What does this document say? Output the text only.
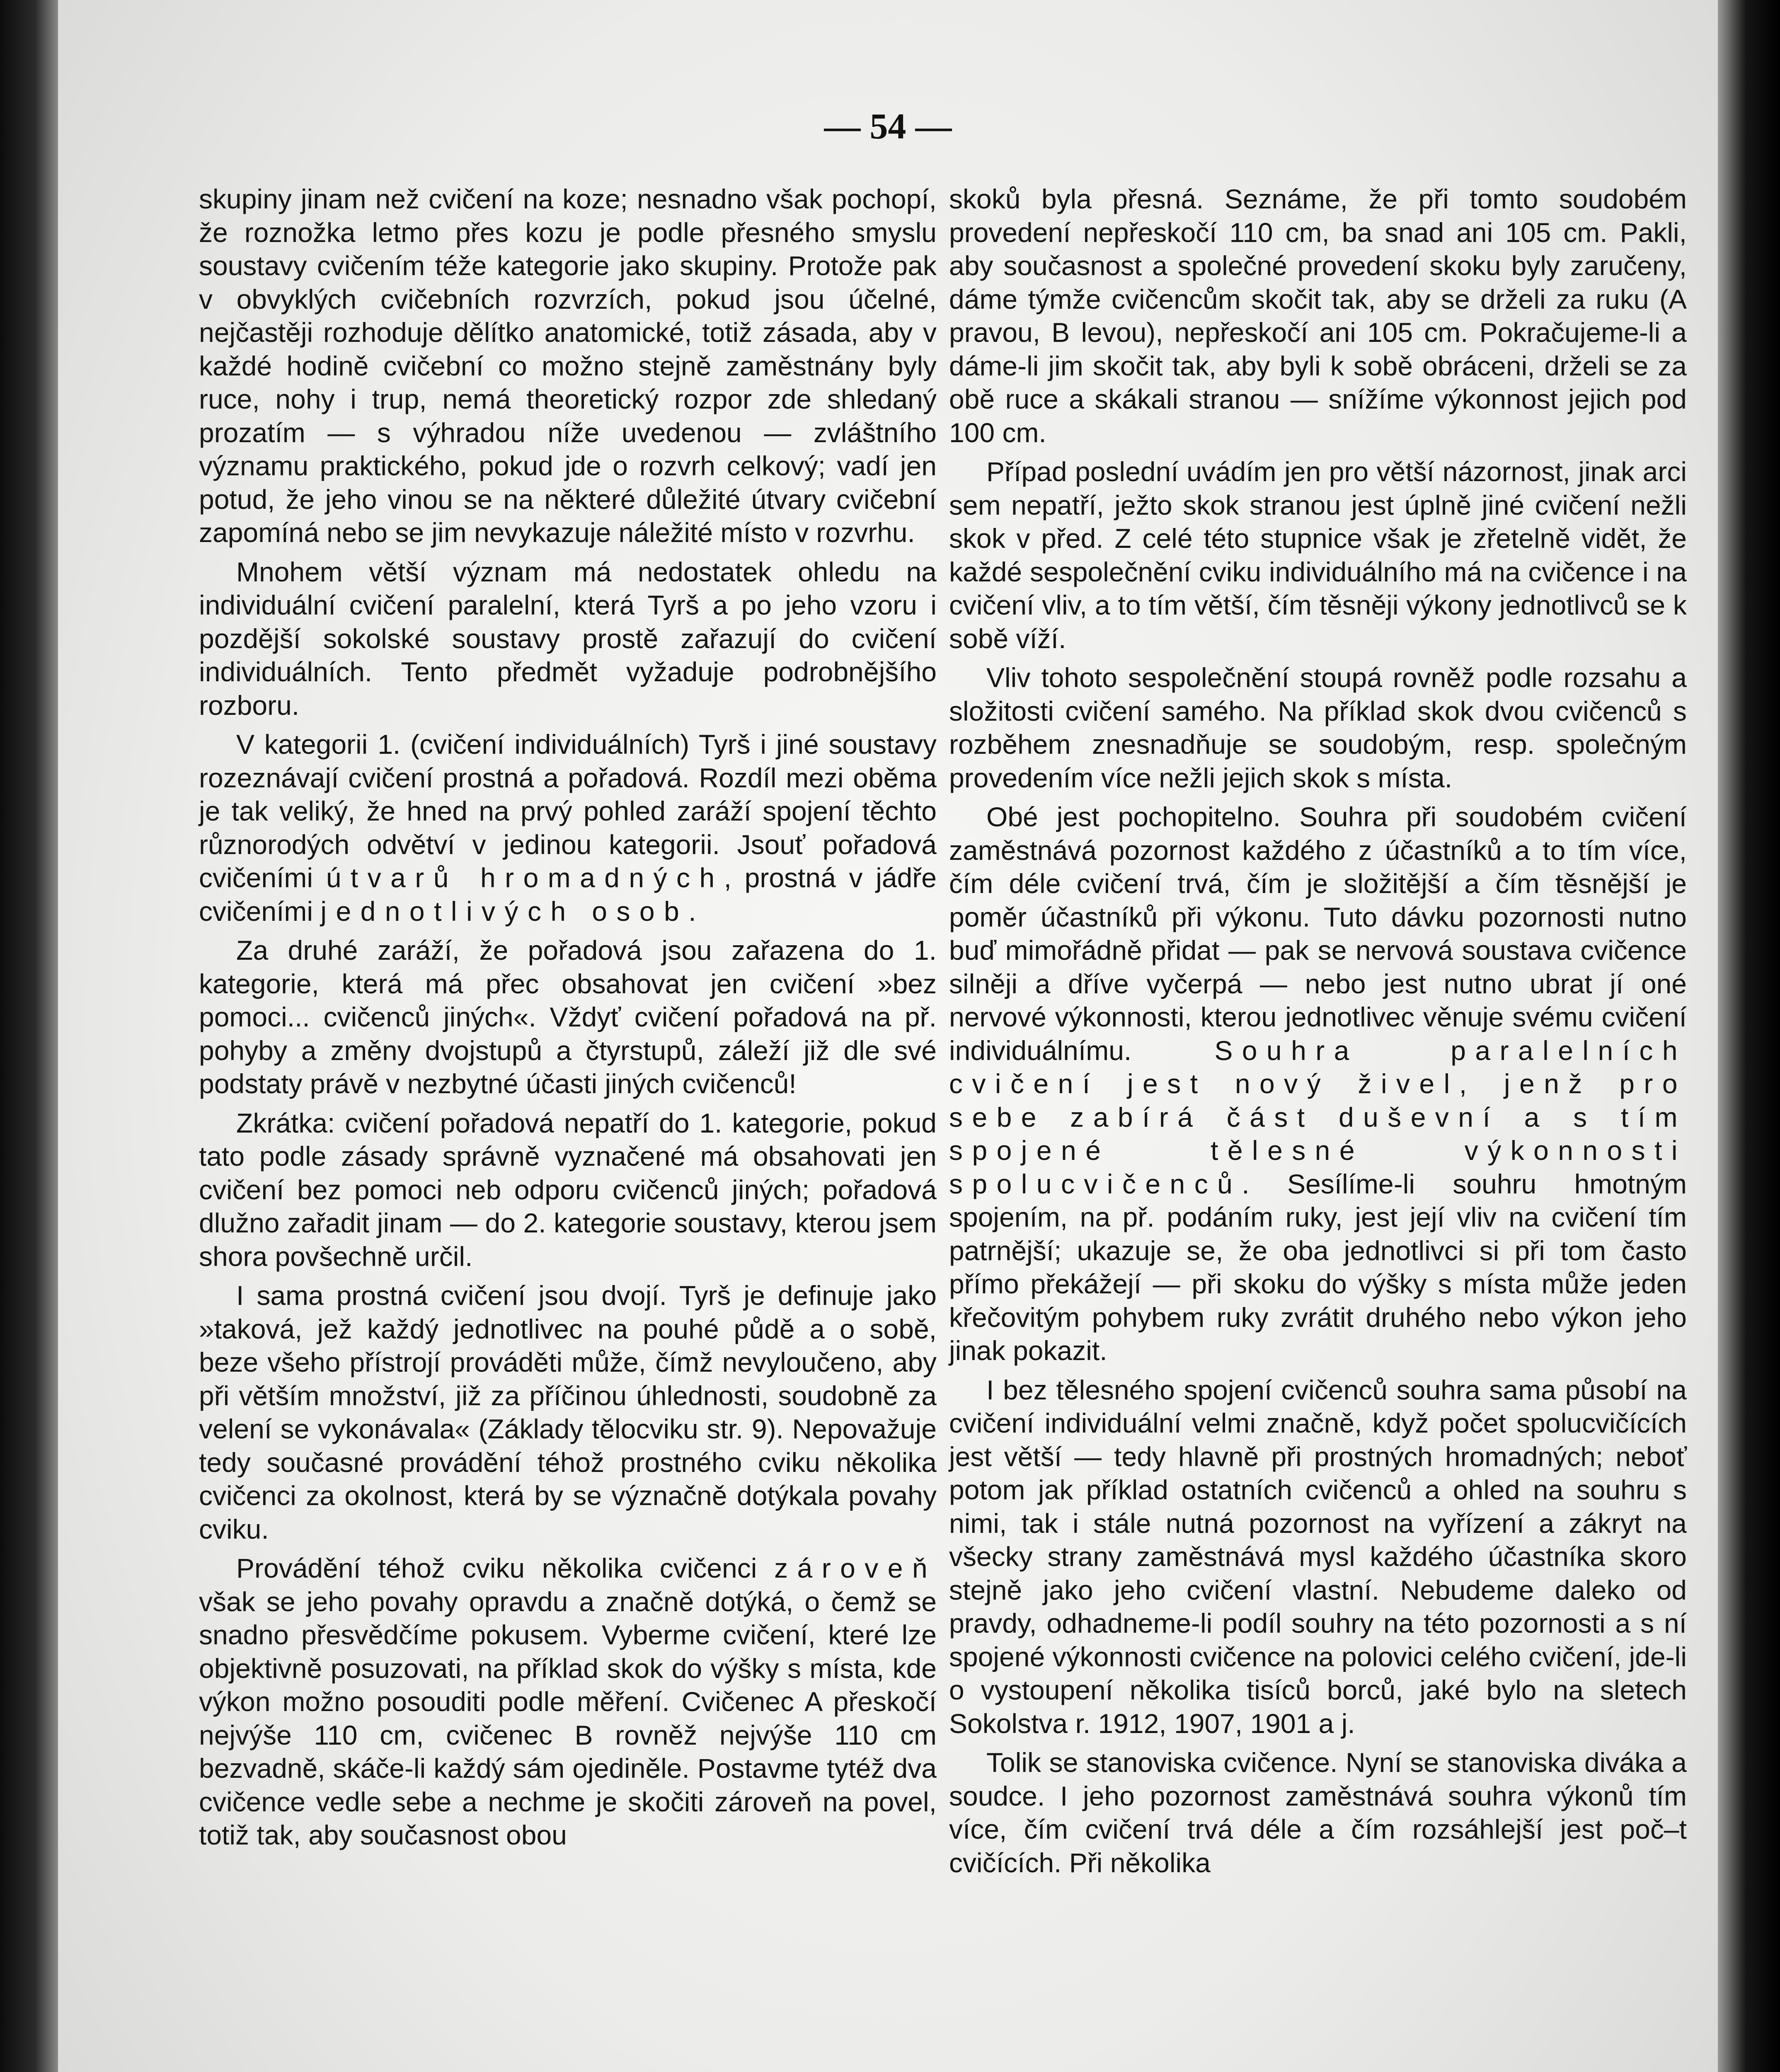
— 54 —

skupiny jinam než cvičení na koze; nesnadno však pochopí, že roznožka letmo přes kozu je podle přesného smyslu soustavy cvičením téže kategorie jako skupiny. Protože pak v obvyklých cvičebních rozvrzích, pokud jsou účelné, nejčastěji rozhoduje dělítko anatomické, totiž zásada, aby v každé hodině cvičební co možno stejně zaměstnány byly ruce, nohy i trup, nemá theoretický rozpor zde shledaný prozatím — s výhradou níže uvedenou — zvláštního významu praktického, pokud jde o rozvrh celkový; vadí jen potud, že jeho vinou se na některé důležité útvary cvičební zapomíná nebo se jim nevykazuje náležité místo v rozvrhu.

Mnohem větší význam má nedostatek ohledu na individuální cvičení paralelní, která Tyrš a po jeho vzoru i pozdější sokolské soustavy prostě zařazují do cvičení individuálních. Tento předmět vyžaduje podrobnějšího rozboru.

V kategorii 1. (cvičení individuálních) Tyrš i jiné soustavy rozeznávají cvičení prostná a pořadová. Rozdíl mezi oběma je tak veliký, že hned na prvý pohled zaráží spojení těchto různorodých odvětví v jedinou kategorii. Jsouť pořadová cvičeními útvarů hromadných, prostná v jádře cvičeními jednotlivých osob.

Za druhé zaráží, že pořadová jsou zařazena do 1. kategorie, která má přec obsahovat jen cvičení »bez pomoci... cvičenců jiných«. Vždyť cvičení pořadová na př. pohyby a změny dvojstupů a čtyrstupů, záleží již dle své podstaty právě v nezbytné účasti jiných cvičenců!

Zkrátka: cvičení pořadová nepatří do 1. kategorie, pokud tato podle zásady správně vyznačené má obsahovati jen cvičení bez pomoci neb odporu cvičenců jiných; pořadová dlužno zařadit jinam — do 2. kategorie soustavy, kterou jsem shora povšechně určil.

I sama prostná cvičení jsou dvojí. Tyrš je definuje jako »taková, jež každý jednotlivec na pouhé půdě a o sobě, beze všeho přístrojí prováděti může, čímž nevyloučeno, aby při větším množství, již za příčinou úhlednosti, soudobně za velení se vykonávala« (Základy tělocviku str. 9). Nepovažuje tedy současné provádění téhož prostného cviku několika cvičenci za okolnost, která by se význačně dotýkala povahy cviku.

Provádění téhož cviku několika cvičenci zároveň však se jeho povahy opravdu a značně dotýká, o čemž se snadno přesvědčíme pokusem. Vyberme cvičení, které lze objektivně posuzovati, na příklad skok do výšky s místa, kde výkon možno posouditi podle měření. Cvičenec A přeskočí nejvýše 110 cm, cvičenec B rovněž nejvýše 110 cm bezvadně, skáče-li každý sám ojediněle. Postavme tytéž dva cvičence vedle sebe a nechme je skočiti zároveň na povel, totiž tak, aby současnost obou

skoků byla přesná. Seznáme, že při tomto soudobém provedení nepřeskočí 110 cm, ba snad ani 105 cm. Pakli, aby současnost a společné provedení skoku byly zaručeny, dáme týmže cvičencům skočit tak, aby se drželi za ruku (A pravou, B levou), nepřeskočí ani 105 cm. Pokračujeme-li a dáme-li jim skočit tak, aby byli k sobě obráceni, drželi se za obě ruce a skákali stranou — snížíme výkonnost jejich pod 100 cm.

Případ poslední uvádím jen pro větší názornost, jinak arci sem nepatří, ježto skok stranou jest úplně jiné cvičení nežli skok v před. Z celé této stupnice však je zřetelně vidět, že každé sespolečnění cviku individuálního má na cvičence i na cvičení vliv, a to tím větší, čím těsněji výkony jednotlivců se k sobě víží.

Vliv tohoto sespolečnění stoupá rovněž podle rozsahu a složitosti cvičení samého. Na příklad skok dvou cvičenců s rozběhem znesnadňuje se soudobým, resp. společným provedením více nežli jejich skok s místa.

Obé jest pochopitelno. Souhra při soudobém cvičení zaměstnává pozornost každého z účastníků a to tím více, čím déle cvičení trvá, čím je složitější a čím těsnější je poměr účastníků při výkonu. Tuto dávku pozornosti nutno buď mimořádně přidat — pak se nervová soustava cvičence silněji a dříve vyčerpá — nebo jest nutno ubrat jí oné nervové výkonnosti, kterou jednotlivec věnuje svému cvičení individuálnímu. Souhra paralelních cvičení jest nový živel, jenž pro sebe zabírá část duševní a s tím spojené tělesné výkonnosti spolucvičenců. Sesílíme-li souhru hmotným spojením, na př. podáním ruky, jest její vliv na cvičení tím patrnější; ukazuje se, že oba jednotlivci si při tom často přímo překážejí — při skoku do výšky s místa může jeden křečovitým pohybem ruky zvrátit druhého nebo výkon jeho jinak pokazit.

I bez tělesného spojení cvičenců souhra sama působí na cvičení individuální velmi značně, když počet spolucvičících jest větší — tedy hlavně při prostných hromadných; neboť potom jak příklad ostatních cvičenců a ohled na souhru s nimi, tak i stále nutná pozornost na vyřízení a zákryt na všecky strany zaměstnává mysl každého účastníka skoro stejně jako jeho cvičení vlastní. Nebudeme daleko od pravdy, odhadneme-li podíl souhry na této pozornosti a s ní spojené výkonnosti cvičence na polovici celého cvičení, jde-li o vystoupení několika tisíců borců, jaké bylo na sletech Sokolstva r. 1912, 1907, 1901 a j.

Tolik se stanoviska cvičence. Nyní se stanoviska diváka a soudce. I jeho pozornost zaměstnává souhra výkonů tím více, čím cvičení trvá déle a čím rozsáhlejší jest poč–t cvičících. Při několika
